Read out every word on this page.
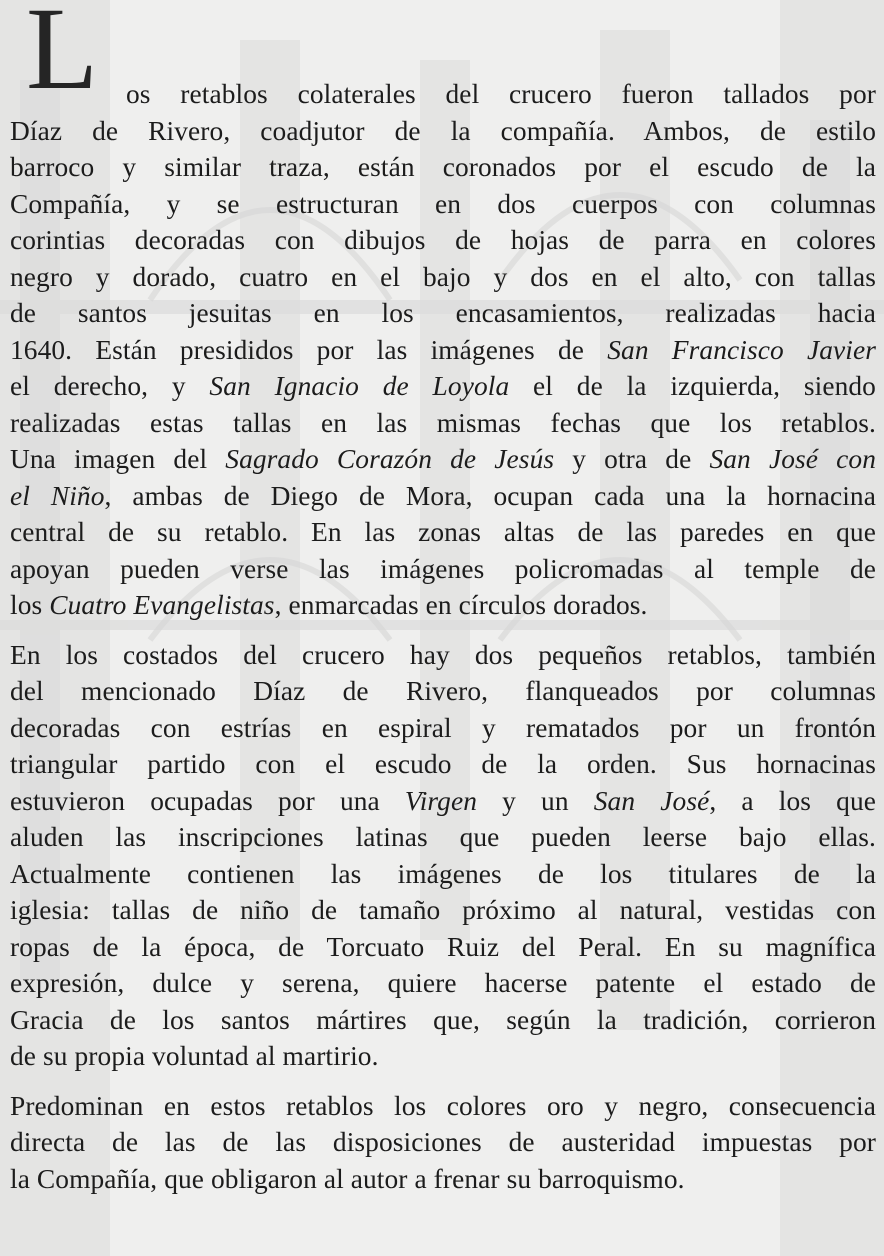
L	os retablos colaterales del crucero fueron tallados por
Díaz de Rivero, coadjutor de la compañía. Ambos, de estilo
barroco y similar traza, están coronados por el escudo de la
Compañía, y se estructuran en dos cuerpos con columnas
corintias decoradas con dibujos de hojas de parra en colores
negro y dorado, cuatro en el bajo y dos en el alto, con tallas
de santos jesuitas en los encasamientos, realizadas hacia
1640. Están presididos por las imágenes de San Francisco Javier
el derecho, y San Ignacio de Loyola el de la izquierda, siendo
realizadas estas tallas en las mismas fechas que los retablos.
Una imagen del Sagrado Corazón de Jesús y otra de San José con
el Niño, ambas de Diego de Mora, ocupan cada una la hornacina
central de su retablo. En las zonas altas de las paredes en que
apoyan pueden verse las imágenes policromadas al temple de
los Cuatro Evangelistas, enmarcadas en círculos dorados.

En los costados del crucero hay dos pequeños retablos, también
del mencionado Díaz de Rivero, flanqueados por columnas
decoradas con estrías en espiral y rematados por un frontón
triangular partido con el escudo de la orden. Sus hornacinas
estuvieron ocupadas por una Virgen y un San José, a los que
aluden las inscripciones latinas que pueden leerse bajo ellas.
Actualmente contienen las imágenes de los titulares de la
iglesia: tallas de niño de tamaño próximo al natural, vestidas con
ropas de la época, de Torcuato Ruiz del Peral. En su magnífica
expresión, dulce y serena, quiere hacerse patente el estado de
Gracia de los santos mártires que, según la tradición, corrieron
de su propia voluntad al martirio.

Predominan en estos retablos los colores oro y negro, consecuencia
directa de las de las disposiciones de austeridad impuestas por
la Compañía, que obligaron al autor a frenar su barroquismo.
